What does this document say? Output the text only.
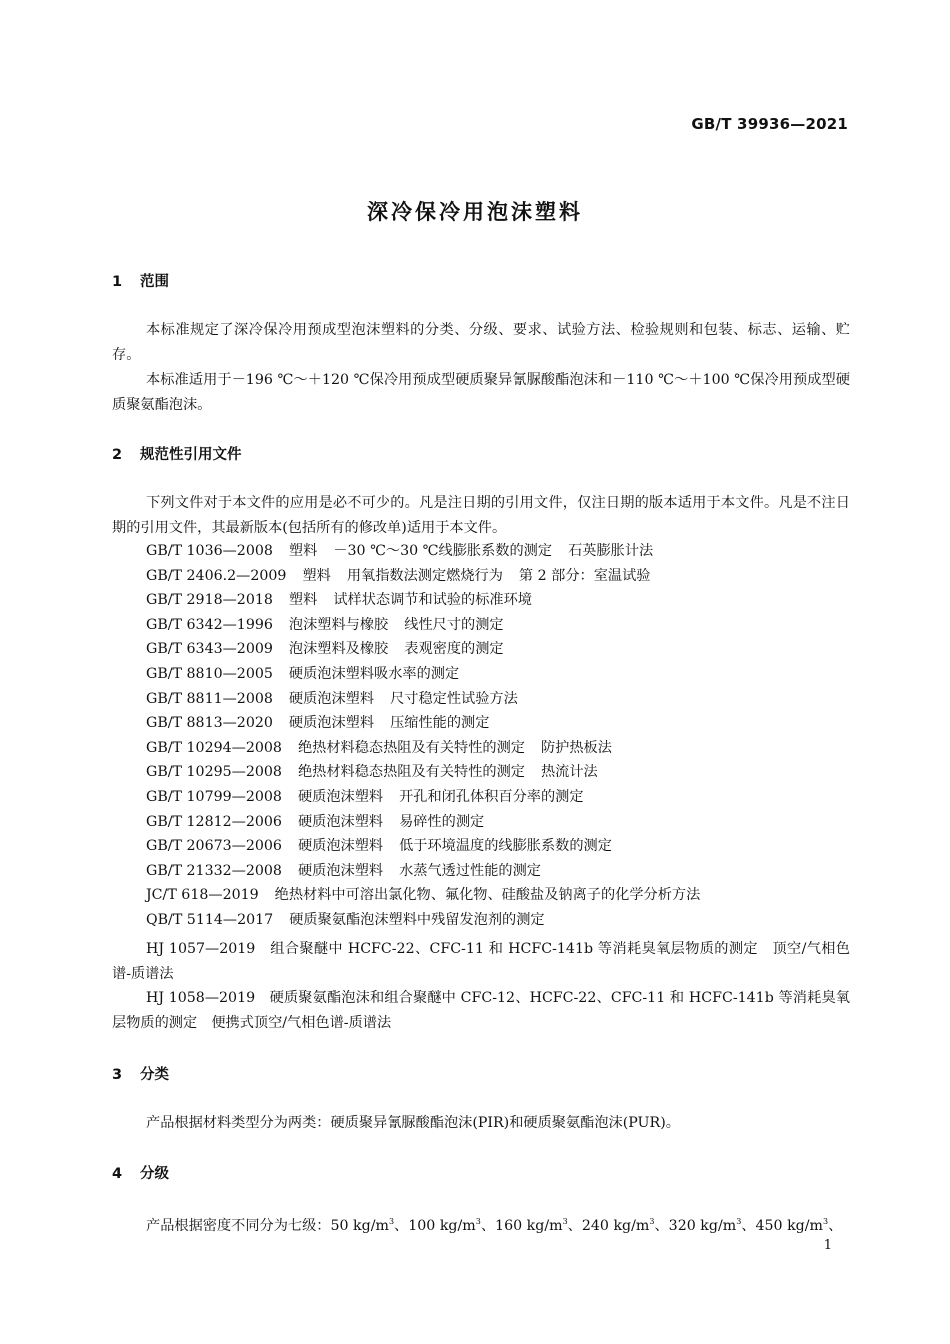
GB/T 39936—2021
深冷保冷用泡沫塑料
1 范围
本标准规定了深冷保冷用预成型泡沫塑料的分类、分级、要求、试验方法、检验规则和包装、标志、运输、贮存。
本标准适用于－196 ℃～＋120 ℃保冷用预成型硬质聚异氰脲酸酯泡沫和－110 ℃～＋100 ℃保冷用预成型硬质聚氨酯泡沫。
2 规范性引用文件
下列文件对于本文件的应用是必不可少的。凡是注日期的引用文件，仅注日期的版本适用于本文件。凡是不注日期的引用文件，其最新版本(包括所有的修改单)适用于本文件。
GB/T 1036—2008 塑料 －30 ℃～30 ℃线膨胀系数的测定 石英膨胀计法
GB/T 2406.2—2009 塑料 用氧指数法测定燃烧行为 第 2 部分：室温试验
GB/T 2918—2018 塑料 试样状态调节和试验的标准环境
GB/T 6342—1996 泡沫塑料与橡胶 线性尺寸的测定
GB/T 6343—2009 泡沫塑料及橡胶 表观密度的测定
GB/T 8810—2005 硬质泡沫塑料吸水率的测定
GB/T 8811—2008 硬质泡沫塑料 尺寸稳定性试验方法
GB/T 8813—2020 硬质泡沫塑料 压缩性能的测定
GB/T 10294—2008 绝热材料稳态热阻及有关特性的测定 防护热板法
GB/T 10295—2008 绝热材料稳态热阻及有关特性的测定 热流计法
GB/T 10799—2008 硬质泡沫塑料 开孔和闭孔体积百分率的测定
GB/T 12812—2006 硬质泡沫塑料 易碎性的测定
GB/T 20673—2006 硬质泡沫塑料 低于环境温度的线膨胀系数的测定
GB/T 21332—2008 硬质泡沫塑料 水蒸气透过性能的测定
JC/T 618—2019 绝热材料中可溶出氯化物、氟化物、硅酸盐及钠离子的化学分析方法
QB/T 5114—2017 硬质聚氨酯泡沫塑料中残留发泡剂的测定
HJ 1057—2019　组合聚醚中 HCFC-22、CFC-11 和 HCFC-141b 等消耗臭氧层物质的测定　顶空/气相色谱-质谱法
HJ 1058—2019　硬质聚氨酯泡沫和组合聚醚中 CFC-12、HCFC-22、CFC-11 和 HCFC-141b 等消耗臭氧层物质的测定　便携式顶空/气相色谱-质谱法
3 分类
产品根据材料类型分为两类：硬质聚异氰脲酸酯泡沫(PIR)和硬质聚氨酯泡沫(PUR)。
4 分级
产品根据密度不同分为七级：50 $kg/m^3$、100 $kg/m^3$、160 $kg/m^3$、240 $kg/m^3$、320 $kg/m^3$、450 $kg/m^3$、
1
